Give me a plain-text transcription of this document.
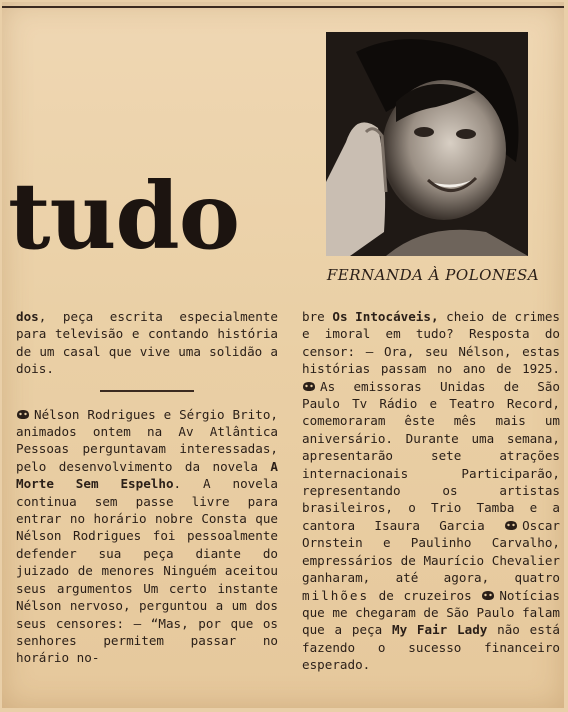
tudo
FERNANDA À POLONESA

dos, peça escrita especialmente para televisão e contando história de um casal que vive uma solidão a dois.

Nélson Rodrigues e Sérgio Brito, animados ontem na Av Atlântica Pessoas perguntavam interessadas, pelo desenvolvimento da novela A Morte Sem Espelho. A novela continua sem passe livre para entrar no horário nobre Consta que Nélson Rodrigues foi pessoalmente defender sua peça diante do juizado de menores Ninguém aceitou seus argumentos Um certo instante Nélson nervoso, perguntou a um dos seus censores: — “Mas, por que os senhores permitem passar no horário no-

bre Os Intocáveis, cheio de crimes e imoral em tudo? Resposta do censor: — Ora, seu Nélson, estas histórias passam no ano de 1925.
As emissoras Unidas de São Paulo Tv Rádio e Teatro Record, comemoraram êste mês mais um aniversário. Durante uma semana, apresentarão sete atrações internacionais Participarão, representando os artistas brasileiros, o Trio Tamba e a cantora Isaura Garcia	Oscar Ornstein e Paulinho Carvalho, empressários de Maurício Chevalier ganharam, até agora, quatro milhões de cruzeiros Notícias que me chegaram de São Paulo falam que a peça My Fair Lady não está fazendo o sucesso financeiro esperado.
